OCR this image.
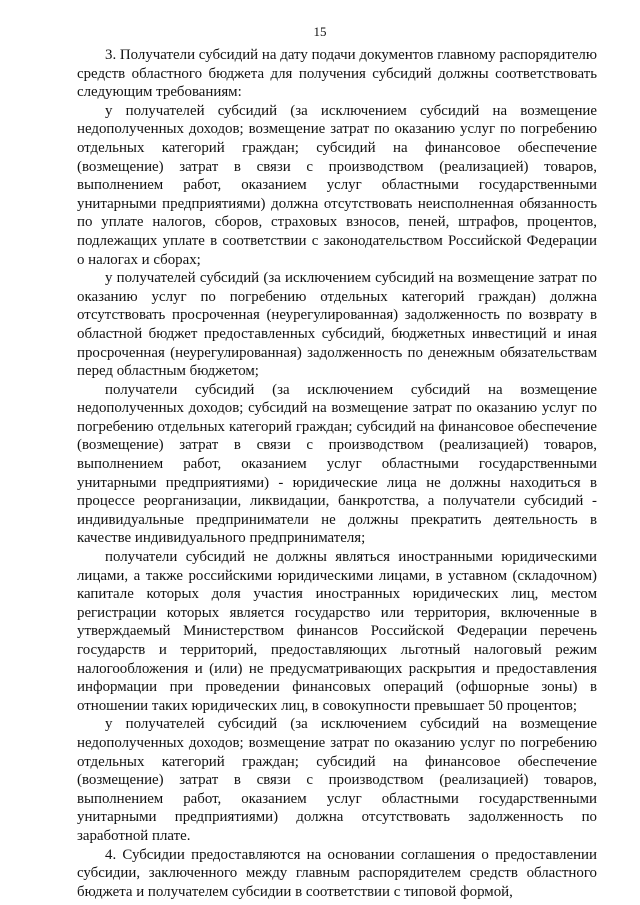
15

3. Получатели субсидий на дату подачи документов главному распорядителю средств областного бюджета для получения субсидий должны соответствовать следующим требованиям:

у получателей субсидий (за исключением субсидий на возмещение недополученных доходов; возмещение затрат по оказанию услуг по погребению отдельных категорий граждан; субсидий на финансовое обеспечение (возмещение) затрат в связи с производством (реализацией) товаров, выполнением работ, оказанием услуг областными государственными унитарными предприятиями) должна отсутствовать неисполненная обязанность по уплате налогов, сборов, страховых взносов, пеней, штрафов, процентов, подлежащих уплате в соответствии с законодательством Российской Федерации о налогах и сборах;

у получателей субсидий (за исключением субсидий на возмещение затрат по оказанию услуг по погребению отдельных категорий граждан) должна отсутствовать просроченная (неурегулированная) задолженность по возврату в областной бюджет предоставленных субсидий, бюджетных инвестиций и иная просроченная (неурегулированная) задолженность по денежным обязательствам перед областным бюджетом;

получатели субсидий (за исключением субсидий на возмещение недополученных доходов; субсидий на возмещение затрат по оказанию услуг по погребению отдельных категорий граждан; субсидий на финансовое обеспечение (возмещение) затрат в связи с производством (реализацией) товаров, выполнением работ, оказанием услуг областными государственными унитарными предприятиями) - юридические лица не должны находиться в процессе реорганизации, ликвидации, банкротства, а получатели субсидий - индивидуальные предприниматели не должны прекратить деятельность в качестве индивидуального предпринимателя;

получатели субсидий не должны являться иностранными юридическими лицами, а также российскими юридическими лицами, в уставном (складочном) капитале которых доля участия иностранных юридических лиц, местом регистрации которых является государство или территория, включенные в утверждаемый Министерством финансов Российской Федерации перечень государств и территорий, предоставляющих льготный налоговый режим налогообложения и (или) не предусматривающих раскрытия и предоставления информации при проведении финансовых операций (офшорные зоны) в отношении таких юридических лиц, в совокупности превышает 50 процентов;

у получателей субсидий (за исключением субсидий на возмещение недополученных доходов; возмещение затрат по оказанию услуг по погребению отдельных категорий граждан; субсидий на финансовое обеспечение (возмещение) затрат в связи с производством (реализацией) товаров, выполнением работ, оказанием услуг областными государственными унитарными предприятиями) должна отсутствовать задолженность по заработной плате.

4. Субсидии предоставляются на основании соглашения о предоставлении субсидии, заключенного между главным распорядителем средств областного бюджета и получателем субсидии в соответствии с типовой формой,
